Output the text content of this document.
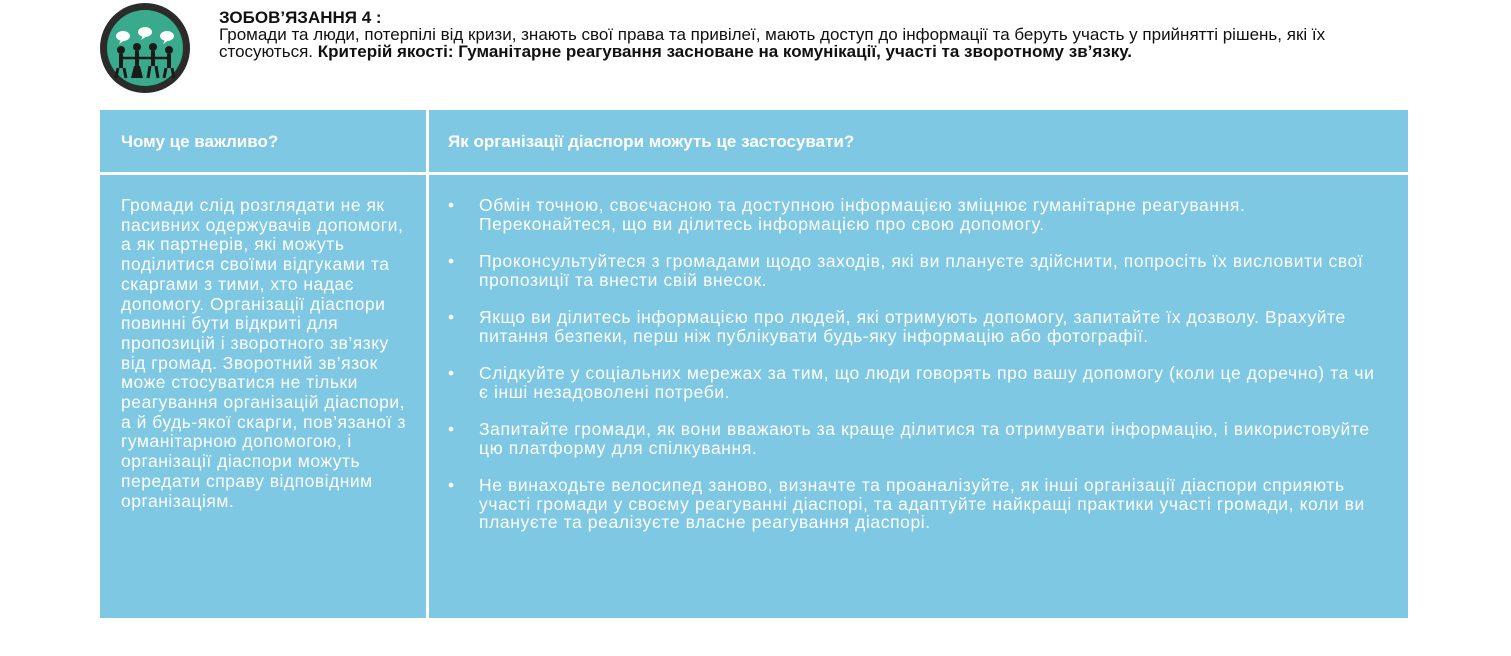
ЗОБОВ’ЯЗАННЯ 4 :
Громади та люди, потерпілі від кризи, знають свої права та привілеї, мають доступ до інформації та беруть участь у прийнятті рішень, які їх стосуються. Критерій якості: Гуманітарне реагування засноване на комунікації, участі та зворотному зв’язку.
Чому це важливо?	Як організації діаспори можуть це застосувати?
Громади слід розглядати не як пасивних одержувачів допомоги, а як партнерів, які можуть поділитися своїми відгуками та скаргами з тими, хто надає допомогу. Організації діаспори повинні бути відкриті для пропозицій і зворотного зв’язку від громад. Зворотний зв’язок може стосуватися не тільки реагування організацій діаспори, а й будь-якої скарги, пов’язаної з гуманітарною допомогою, і організації діаспори можуть передати справу відповідним організаціям.
• Обмін точною, своєчасною та доступною інформацією зміцнює гуманітарне реагування. Переконайтеся, що ви ділитесь інформацією про свою допомогу.
• Проконсультуйтеся з громадами щодо заходів, які ви плануєте здійснити, попросіть їх висловити свої пропозиції та внести свій внесок.
• Якщо ви ділитесь інформацією про людей, які отримують допомогу, запитайте їх дозволу. Врахуйте питання безпеки, перш ніж публікувати будь-яку інформацію або фотографії.
• Слідкуйте у соціальних мережах за тим, що люди говорять про вашу допомогу (коли це доречно) та чи є інші незадоволені потреби.
• Запитайте громади, як вони вважають за краще ділитися та отримувати інформацію, і використовуйте цю платформу для спілкування.
• Не винаходьте велосипед заново, визначте та проаналізуйте, як інші організації діаспори сприяють участі громади у своєму реагуванні діаспорі, та адаптуйте найкращі практики участі громади, коли ви плануєте та реалізуєте власне реагування діаспорі.
